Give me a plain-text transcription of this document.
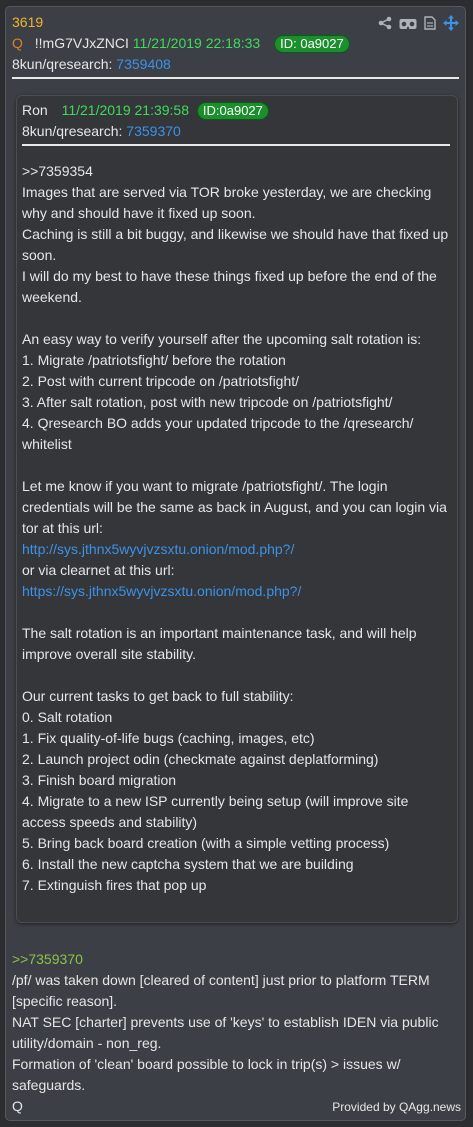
3619
Q !!mG7VJxZNCI 11/21/2019 22:18:33 ID: 0a9027
8kun/qresearch: 7359408
Ron 11/21/2019 21:39:58 ID:0a9027
8kun/qresearch: 7359370
>>7359354
Images that are served via TOR broke yesterday, we are checking why and should have it fixed up soon.
Caching is still a bit buggy, and likewise we should have that fixed up soon.
I will do my best to have these things fixed up before the end of the weekend.
An easy way to verify yourself after the upcoming salt rotation is:
1. Migrate /patriotsfight/ before the rotation
2. Post with current tripcode on /patriotsfight/
3. After salt rotation, post with new tripcode on /patriotsfight/
4. Qresearch BO adds your updated tripcode to the /qresearch/ whitelist
Let me know if you want to migrate /patriotsfight/. The login credentials will be the same as back in August, and you can login via tor at this url:
http://sys.jthnx5wyvjvzsxtu.onion/mod.php?/
or via clearnet at this url:
https://sys.jthnx5wyvjvzsxtu.onion/mod.php?/
The salt rotation is an important maintenance task, and will help improve overall site stability.
Our current tasks to get back to full stability:
0. Salt rotation
1. Fix quality-of-life bugs (caching, images, etc)
2. Launch project odin (checkmate against deplatforming)
3. Finish board migration
4. Migrate to a new ISP currently being setup (will improve site access speeds and stability)
5. Bring back board creation (with a simple vetting process)
6. Install the new captcha system that we are building
7. Extinguish fires that pop up
>>7359370
/pf/ was taken down [cleared of content] just prior to platform TERM [specific reason].
NAT SEC [charter] prevents use of 'keys' to establish IDEN via public utility/domain - non_reg.
Formation of 'clean' board possible to lock in trip(s) > issues w/ safeguards.
Q	Provided by QAgg.news
